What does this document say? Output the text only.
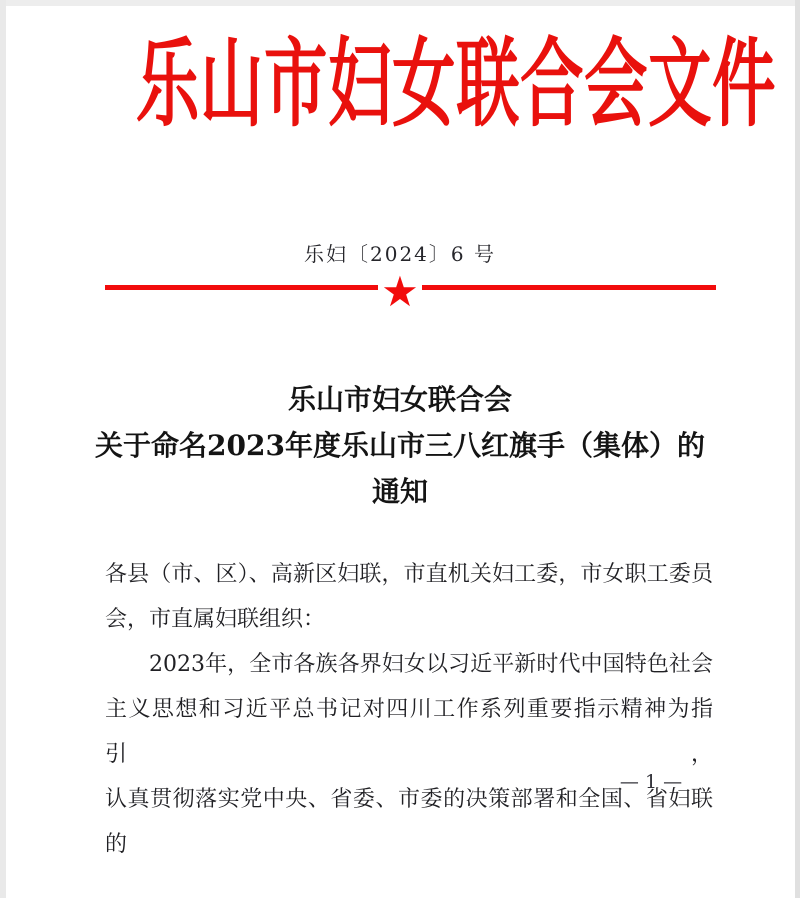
乐山市妇女联合会文件
乐妇〔2024〕6 号
★
乐山市妇女联合会
关于命名2023年度乐山市三八红旗手（集体）的
通知
各县（市、区）、高新区妇联，市直机关妇工委，市女职工委员
会，市直属妇联组织：
2023年，全市各族各界妇女以习近平新时代中国特色社会
主义思想和习近平总书记对四川工作系列重要指示精神为指引，
认真贯彻落实党中央、省委、市委的决策部署和全国、省妇联的
— 1 —
